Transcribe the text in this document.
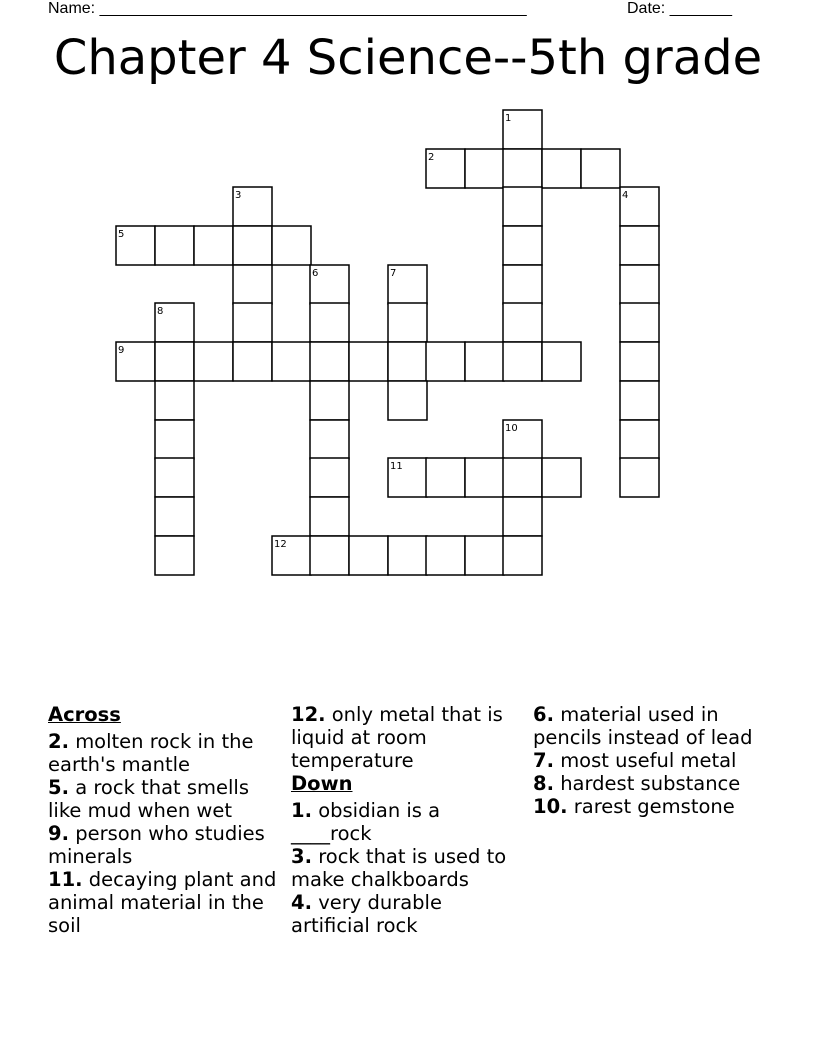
Name: ________________________________________________	Date: _______
Chapter 4 Science--5th grade
1
2
3	4
5
6	7
8
9
10
11
12
Across
2. molten rock in the earth's mantle
5. a rock that smells like mud when wet
9. person who studies minerals
11. decaying plant and animal material in the soil
12. only metal that is liquid at room temperature
Down
1. obsidian is a ____rock
3. rock that is used to make chalkboards
4. very durable artificial rock
6. material used in pencils instead of lead
7. most useful metal
8. hardest substance
10. rarest gemstone
